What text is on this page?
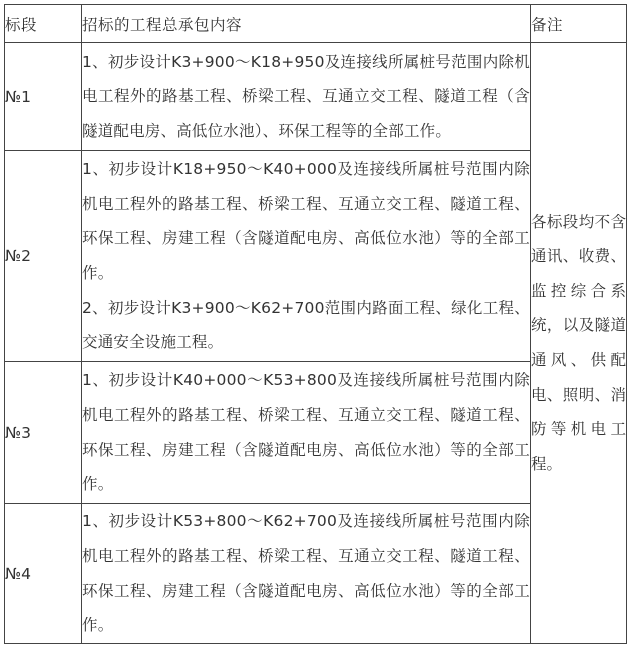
标段	招标的工程总承包内容	备注
№1	1、初步设计K3+900～K18+950及连接线所属桩号范围内除机电工程外的路基工程、桥梁工程、互通立交工程、隧道工程（含隧道配电房、高低位水池）、环保工程等的全部工作。	各标段均不含通讯、收费、监控综合系统，以及隧道通风、供配电、照明、消防等机电工程。

№2	1、初步设计K18+950～K40+000及连接线所属桩号范围内除机电工程外的路基工程、桥梁工程、互通立交工程、隧道工程、环保工程、房建工程（含隧道配电房、高低位水池）等的全部工作。

2、初步设计K3+900～K62+700范围内路面工程、绿化工程、交通安全设施工程。	

№3	1、初步设计K40+000～K53+800及连接线所属桩号范围内除机电工程外的路基工程、桥梁工程、互通立交工程、隧道工程、环保工程、房建工程（含隧道配电房、高低位水池）等的全部工作。	

№4	1、初步设计K53+800～K62+700及连接线所属桩号范围内除机电工程外的路基工程、桥梁工程、互通立交工程、隧道工程、环保工程、房建工程（含隧道配电房、高低位水池）等的全部工作。	
